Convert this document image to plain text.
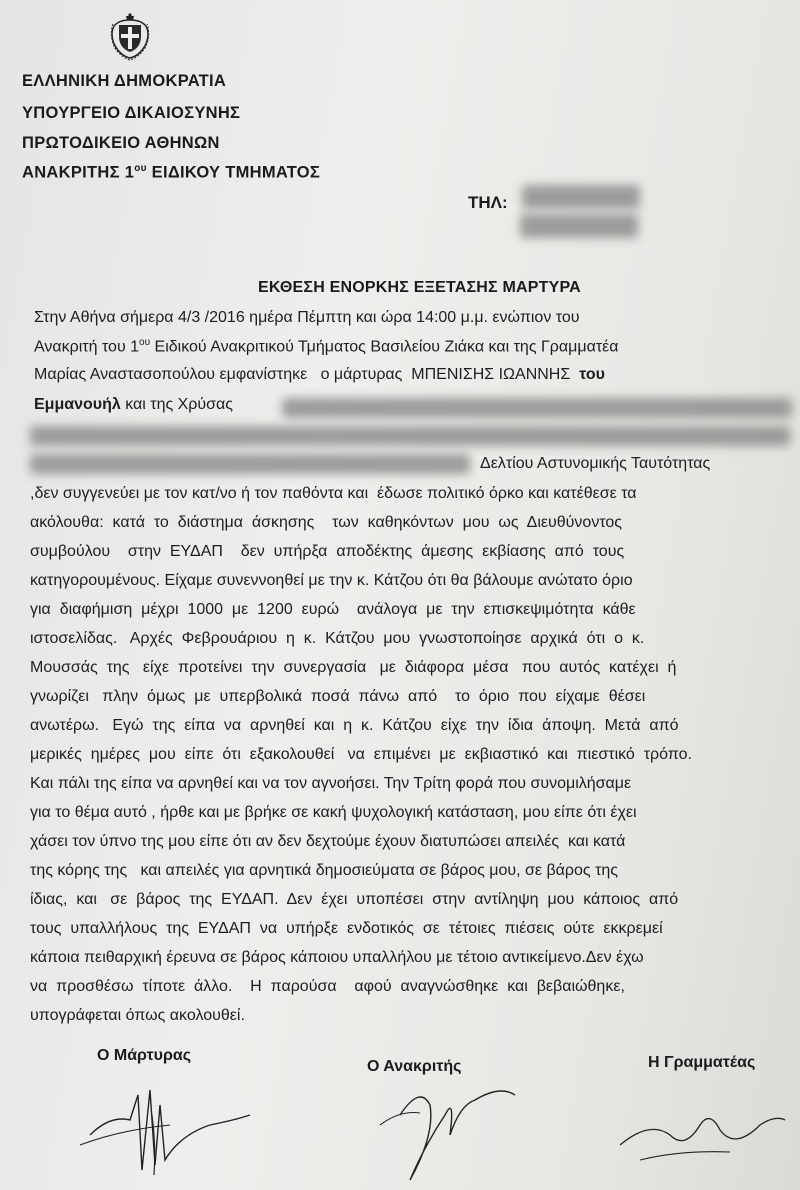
ΕΛΛΗΝΙΚΗ ΔΗΜΟΚΡΑΤΙΑ
ΥΠΟΥΡΓΕΙΟ ΔΙΚΑΙΟΣΥΝΗΣ
ΠΡΩΤΟΔΙΚΕΙΟ ΑΘΗΝΩΝ
ΑΝΑΚΡΙΤΗΣ $1^{o\upsilon}$ ΕΙΔΙΚΟΥ ΤΜΗΜΑΤΟΣ
ΤΗΛ:
ΕΚΘΕΣΗ ΕΝΟΡΚΗΣ ΕΞΕΤΑΣΗΣ ΜΑΡΤΥΡΑ
Στην Αθήνα σήμερα 4/3 /2016 ημέρα Πέμπτη και ώρα 14:00 μ.μ. ενώπιον του
Ανακριτή του $1^{o\upsilon}$ Ειδικού Ανακριτικού Τμήματος Βασιλείου Ζιάκα και της Γραμματέα
Μαρίας Αναστασοπούλου εμφανίστηκε   ο μάρτυρας  ΜΠΕΝΙΣΗΣ ΙΩΑΝΝΗΣ  του
Εμμανουήλ και της Χρύσας
Δελτίου Αστυνομικής Ταυτότητας
,δεν συγγενεύει με τον κατ/νο ή τον παθόντα και  έδωσε πολιτικό όρκο και κατέθεσε τα
ακόλουθα:  κατά  το  διάστημα  άσκησης    των  καθηκόντων  μου  ως  Διευθύνοντος
συμβούλου    στην  ΕΥΔΑΠ    δεν  υπήρξα  αποδέκτης  άμεσης  εκβίασης  από  τους
κατηγορουμένους. Είχαμε συνεννοηθεί με την κ. Κάτζου ότι θα βάλουμε ανώτατο όριο
για  διαφήμιση  μέχρι  1000  με  1200  ευρώ    ανάλογα  με  την  επισκεψιμότητα  κάθε
ιστοσελίδας.   Αρχές  Φεβρουάριου  η  κ.  Κάτζου  μου  γνωστοποίησε  αρχικά  ότι  ο  κ.
Μουσσάς  της   είχε  προτείνει  την  συνεργασία   με  διάφορα  μέσα   που  αυτός  κατέχει  ή
γνωρίζει   πλην  όμως  με  υπερβολικά  ποσά  πάνω  από    το  όριο  που  είχαμε  θέσει
ανωτέρω.   Εγώ  της  είπα  να  αρνηθεί  και  η  κ.  Κάτζου  είχε  την  ίδια  άποψη.  Μετά  από
μερικές  ημέρες  μου  είπε  ότι  εξακολουθεί   να  επιμένει  με  εκβιαστικό  και  πιεστικό  τρόπο.
Και πάλι της είπα να αρνηθεί και να τον αγνοήσει. Την Τρίτη φορά που συνομιλήσαμε
για το θέμα αυτό , ήρθε και με βρήκε σε κακή ψυχολογική κατάσταση, μου είπε ότι έχει
χάσει τον ύπνο της μου είπε ότι αν δεν δεχτούμε έχουν διατυπώσει απειλές  και κατά
της κόρης της   και απειλές για αρνητικά δημοσιεύματα σε βάρος μου, σε βάρος της
ίδιας,  και   σε  βάρος  της  ΕΥΔΑΠ.  Δεν  έχει  υποπέσει  στην  αντίληψη  μου  κάποιος  από
τους  υπαλλήλους  της  ΕΥΔΑΠ  να  υπήρξε  ενδοτικός  σε  τέτοιες  πιέσεις  ούτε  εκκρεμεί
κάποια πειθαρχική έρευνα σε βάρος κάποιου υπαλλήλου με τέτοιο αντικείμενο.Δεν έχω
να  προσθέσω  τίποτε  άλλο.    Η  παρούσα    αφού  αναγνώσθηκε  και  βεβαιώθηκε,
υπογράφεται όπως ακολουθεί.
Ο Μάρτυρας
Ο Ανακριτής	Η Γραμματέας
